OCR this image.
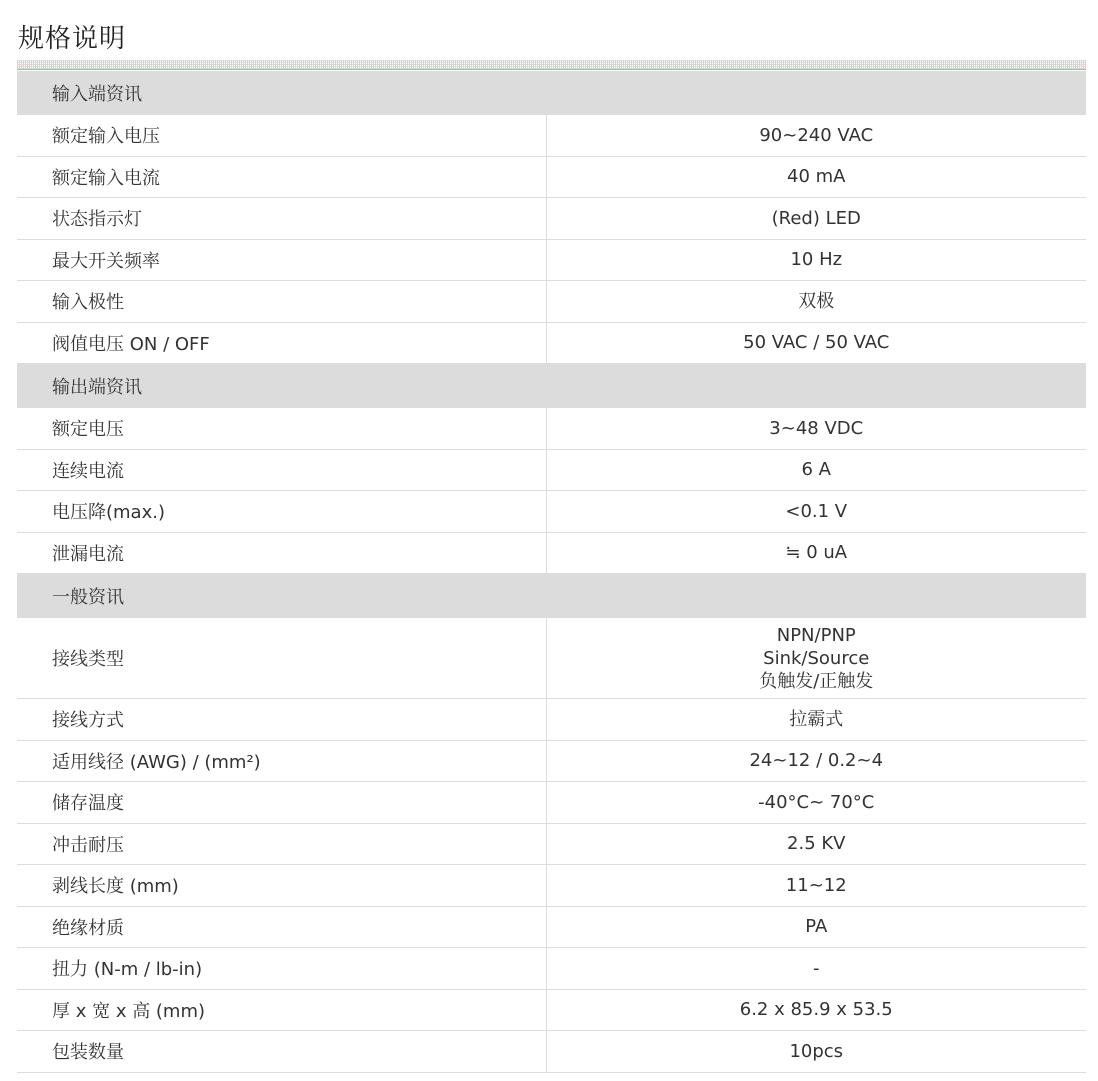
规格说明
输入端资讯	
额定输入电压	90~240 VAC

额定输入电流	40 mA

状态指示灯	(Red) LED

最大开关频率	10 Hz

输入极性	双极

阀值电压 ON / OFF	50 VAC / 50 VAC

输出端资讯	
额定电压	3~48 VDC

连续电流	6 A

电压降(max.)	<0.1 V

泄漏电流	≒ 0 uA

一般资讯	
接线类型	NPN/PNP
Sink/Source
负触发/正触发

接线方式	拉霸式

适用线径 (AWG) / (mm²)	24~12 / 0.2~4

储存温度	-40°C~ 70°C

冲击耐压	2.5 KV

剥线长度 (mm)	11~12

绝缘材质	PA

扭力 (N-m / lb-in)	-

厚 x 宽 x 高 (mm)	6.2 x 85.9 x 53.5

包装数量	10pcs
